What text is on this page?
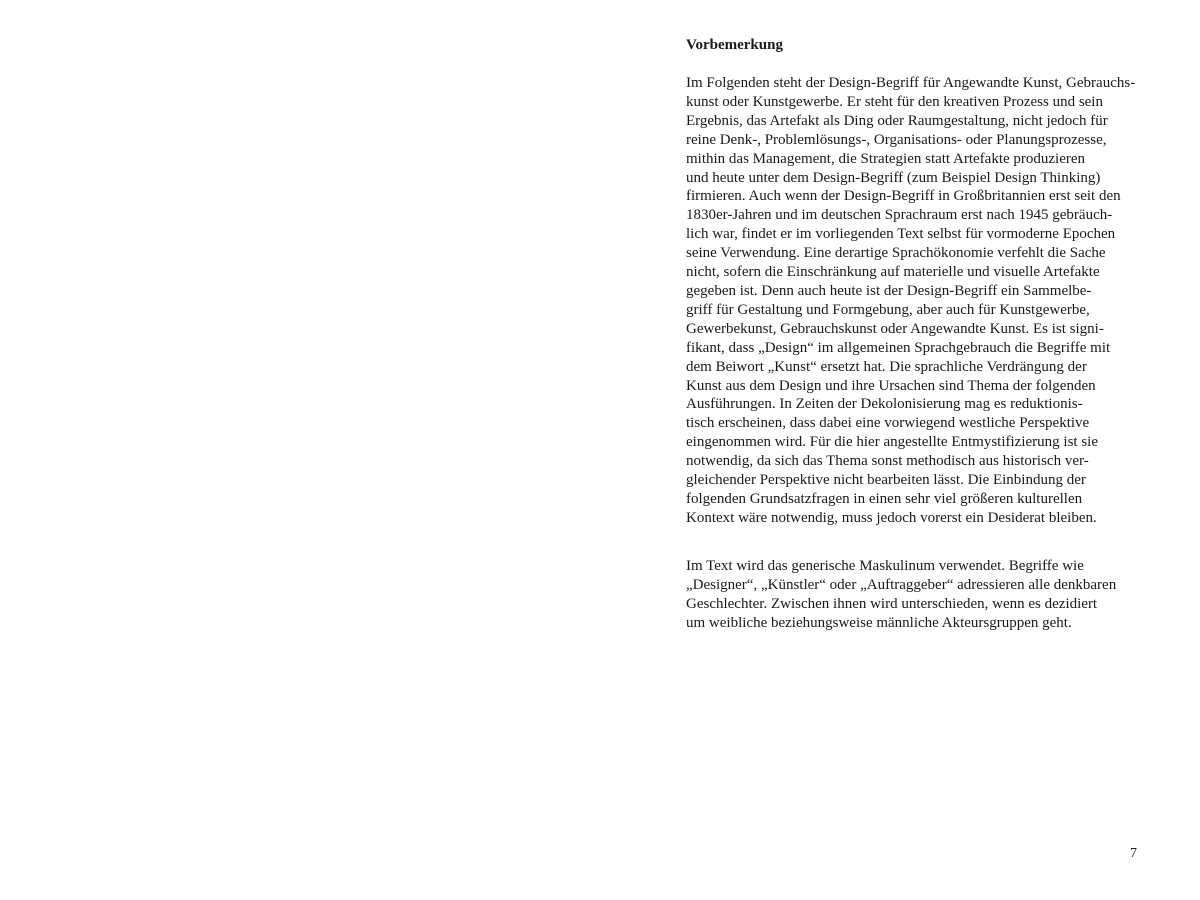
Vorbemerkung

Im Folgenden steht der Design-Begriff für Angewandte Kunst, Gebrauchs-
kunst oder Kunstgewerbe. Er steht für den kreativen Prozess und sein
Ergebnis, das Artefakt als Ding oder Raumgestaltung, nicht jedoch für
reine Denk-, Problemlösungs-, Organisations- oder Planungsprozesse,
mithin das Management, die Strategien statt Artefakte produzieren
und heute unter dem Design-Begriff (zum Beispiel Design Thinking)
firmieren. Auch wenn der Design-Begriff in Großbritannien erst seit den
1830er-Jahren und im deutschen Sprachraum erst nach 1945 gebräuch-
lich war, findet er im vorliegenden Text selbst für vormoderne Epochen
seine Verwendung. Eine derartige Sprachökonomie verfehlt die Sache
nicht, sofern die Einschränkung auf materielle und visuelle Artefakte
gegeben ist. Denn auch heute ist der Design-Begriff ein Sammelbe-
griff für Gestaltung und Formgebung, aber auch für Kunstgewerbe,
Gewerbekunst, Gebrauchskunst oder Angewandte Kunst. Es ist signi-
fikant, dass „Design“ im allgemeinen Sprachgebrauch die Begriffe mit
dem Beiwort „Kunst“ ersetzt hat. Die sprachliche Verdrängung der
Kunst aus dem Design und ihre Ursachen sind Thema der folgenden
Ausführungen. In Zeiten der Dekolonisierung mag es reduktionis-
tisch erscheinen, dass dabei eine vorwiegend westliche Perspektive
eingenommen wird. Für die hier angestellte Entmystifizierung ist sie
notwendig, da sich das Thema sonst methodisch aus historisch ver-
gleichender Perspektive nicht bearbeiten lässt. Die Einbindung der
folgenden Grundsatzfragen in einen sehr viel größeren kulturellen
Kontext wäre notwendig, muss jedoch vorerst ein Desiderat bleiben.

Im Text wird das generische Maskulinum verwendet. Begriffe wie
„Designer“, „Künstler“ oder „Auftraggeber“ adressieren alle denkbaren
Geschlechter. Zwischen ihnen wird unterschieden, wenn es dezidiert
um weibliche beziehungsweise männliche Akteursgruppen geht.

7
